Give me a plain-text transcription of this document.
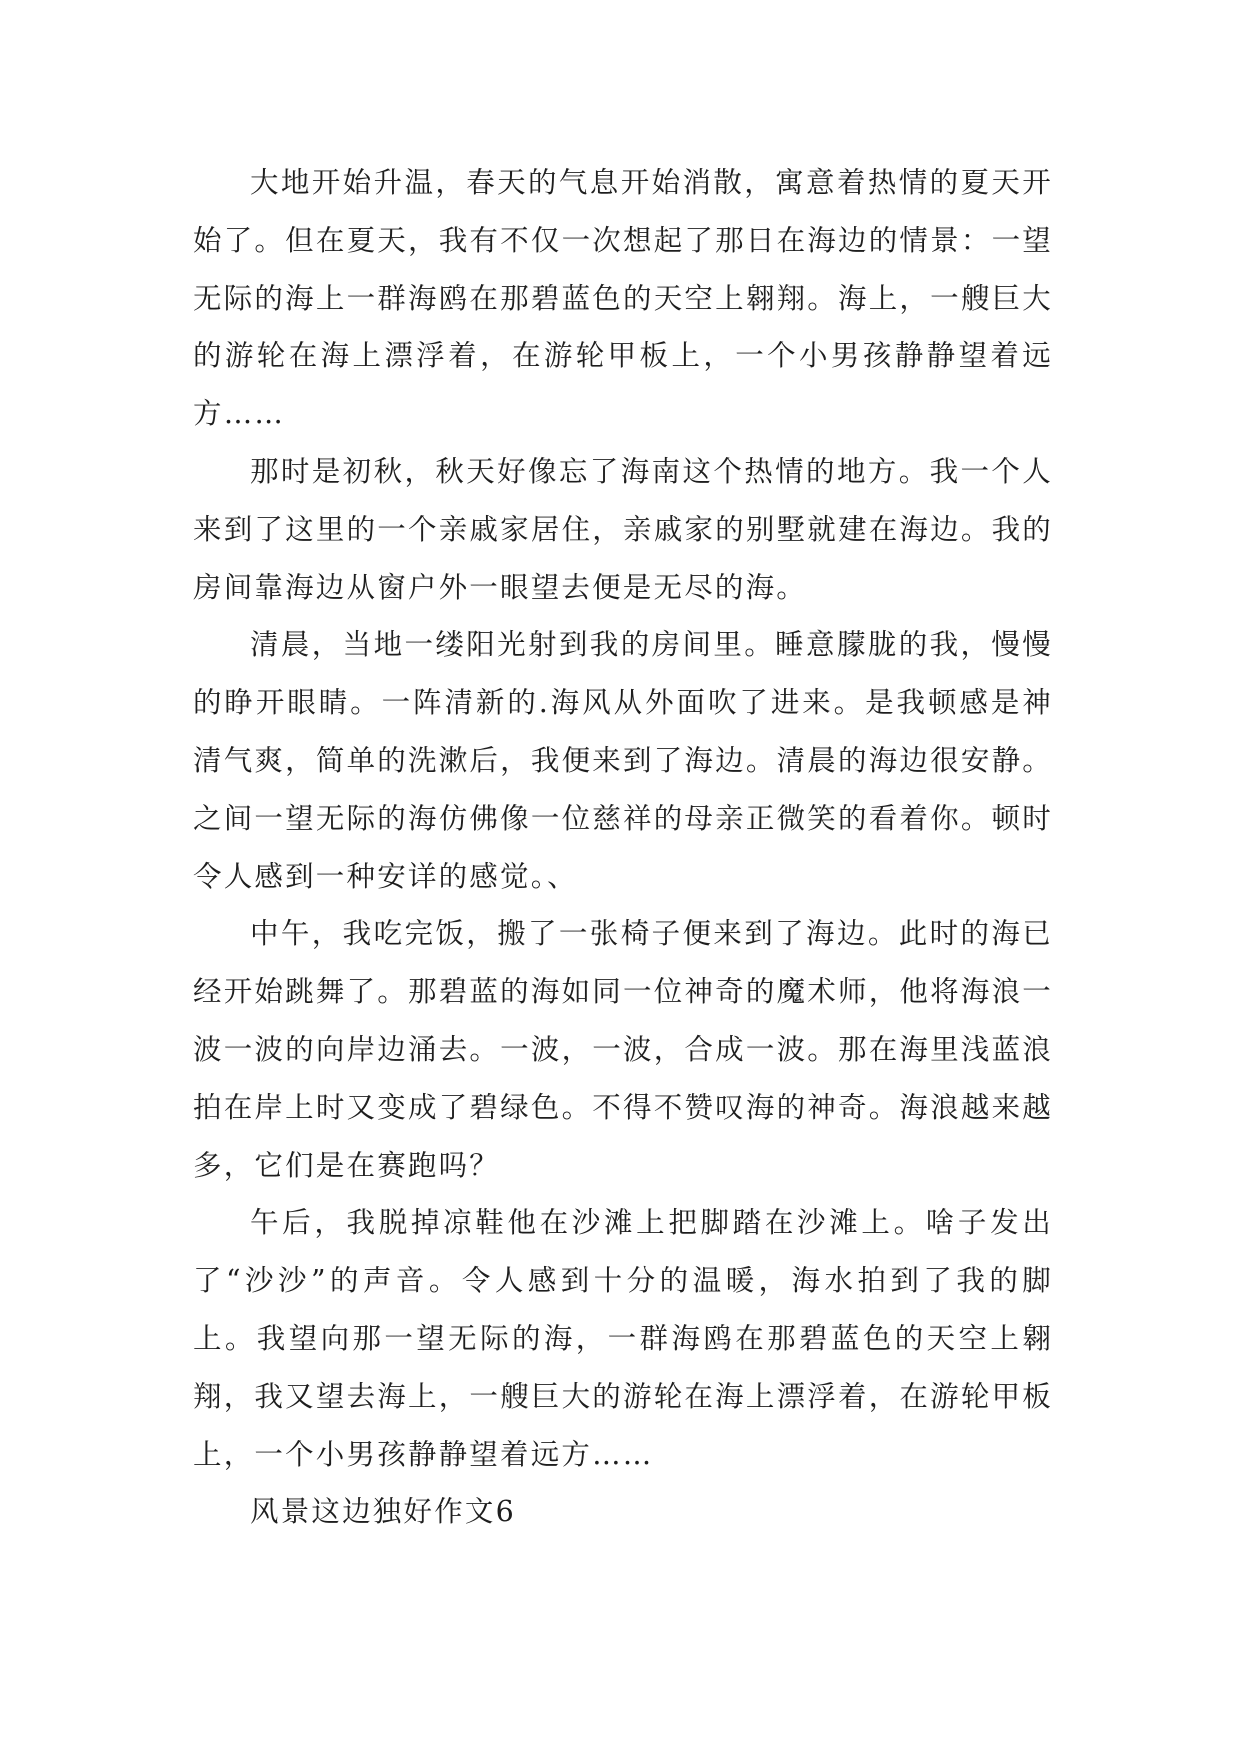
大地开始升温，春天的气息开始消散，寓意着热情的夏天开始了。但在夏天，我有不仅一次想起了那日在海边的情景：一望无际的海上一群海鸥在那碧蓝色的天空上翱翔。海上，一艘巨大的游轮在海上漂浮着，在游轮甲板上，一个小男孩静静望着远方……

那时是初秋，秋天好像忘了海南这个热情的地方。我一个人来到了这里的一个亲戚家居住，亲戚家的别墅就建在海边。我的房间靠海边从窗户外一眼望去便是无尽的海。

清晨，当地一缕阳光射到我的房间里。睡意朦胧的我，慢慢的睁开眼睛。一阵清新的.海风从外面吹了进来。是我顿感是神清气爽，简单的洗漱后，我便来到了海边。清晨的海边很安静。之间一望无际的海仿佛像一位慈祥的母亲正微笑的看着你。顿时令人感到一种安详的感觉。、

中午，我吃完饭，搬了一张椅子便来到了海边。此时的海已经开始跳舞了。那碧蓝的海如同一位神奇的魔术师，他将海浪一波一波的向岸边涌去。一波，一波，合成一波。那在海里浅蓝浪拍在岸上时又变成了碧绿色。不得不赞叹海的神奇。海浪越来越多，它们是在赛跑吗？

午后，我脱掉凉鞋他在沙滩上把脚踏在沙滩上。啥子发出了“沙沙”的声音。令人感到十分的温暖，海水拍到了我的脚上。我望向那一望无际的海，一群海鸥在那碧蓝色的天空上翱翔，我又望去海上，一艘巨大的游轮在海上漂浮着，在游轮甲板上，一个小男孩静静望着远方……

风景这边独好作文6
